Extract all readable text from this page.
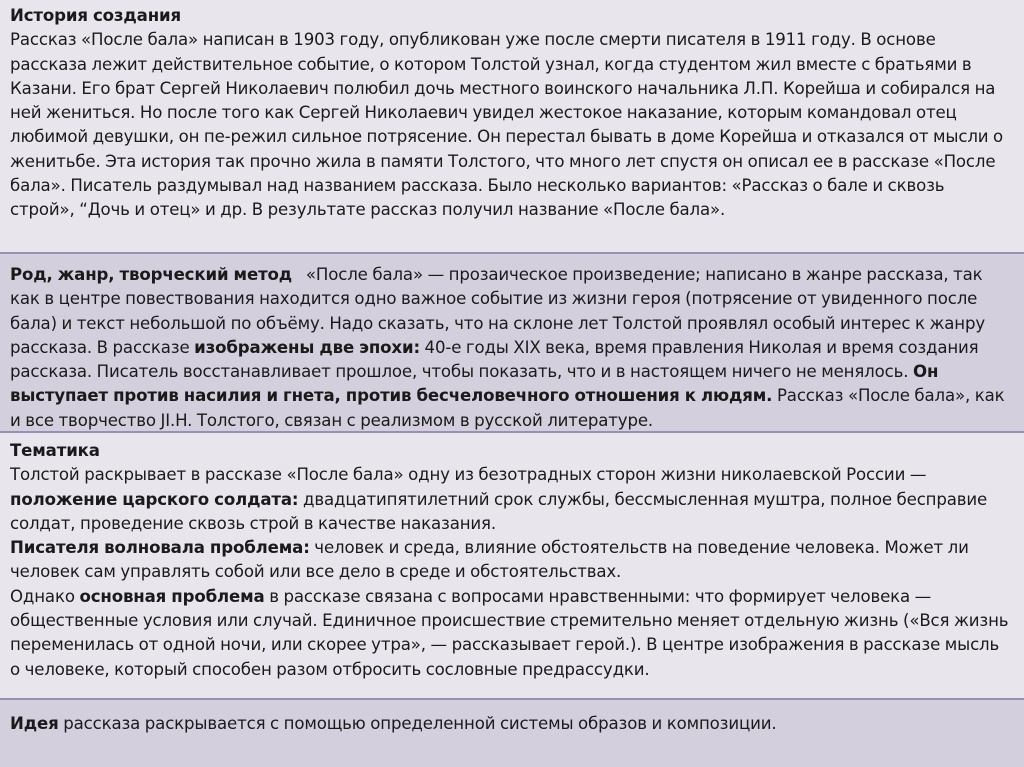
История создания

Рассказ «После бала» написан в 1903 году, опубликован уже после смерти писателя в 1911 году. В основе рассказа лежит действительное событие, о котором Толстой узнал, когда студентом жил вместе с братьями в Казани. Его брат Сергей Николаевич полюбил дочь местного воинского начальника Л.П. Корейша и собирался на ней жениться. Но после того как Сергей Николаевич увидел жестокое наказание, которым командовал отец любимой девушки, он пе-режил сильное потрясение. Он перестал бывать в доме Корейша и отказался от мысли о женитьбе. Эта история так прочно жила в памяти Толстого, что много лет спустя он описал ее в рассказе «После бала». Писатель раздумывал над названием рассказа. Было несколько вариантов: «Рассказ о бале и сквозь строй», “Дочь и отец» и др. В результате рассказ получил название «После бала».

Род, жанр, творческий метод «После бала» — прозаическое произведение; написано в жанре рассказа, так как в центре повествования находится одно важное событие из жизни героя (потрясение от увиденного после бала) и текст небольшой по объёму. Надо сказать, что на склоне лет Толстой проявлял особый интерес к жанру рассказа. В рассказе изображены две эпохи: 40-е годы XIX века, время правления Николая и время создания рассказа. Писатель восстанавливает прошлое, чтобы показать, что и в настоящем ничего не менялось. Он выступает против насилия и гнета, против бесчеловечного отношения к людям. Рассказ «После бала», как и все творчество JI.H. Толстого, связан с реализмом в русской литературе.

Тематика

Толстой раскрывает в рассказе «После бала» одну из безотрадных сторон жизни николаевской России — положение царского солдата: двадцатипятилетний срок службы, бессмысленная муштра, полное бесправие солдат, проведение сквозь строй в качестве наказания.

Писателя волновала проблема: человек и среда, влияние обстоятельств на поведение человека. Может ли человек сам управлять собой или все дело в среде и обстоятельствах.

Однако основная проблема в рассказе связана с вопросами нравственными: что формирует человека — общественные условия или случай. Единичное происшествие стремительно меняет отдельную жизнь («Вся жизнь переменилась от одной ночи, или скорее утра», — рассказывает герой.). В центре изображения в рассказе мысль о человеке, который способен разом отбросить сословные предрассудки.

Идея рассказа раскрывается с помощью определенной системы образов и композиции.
